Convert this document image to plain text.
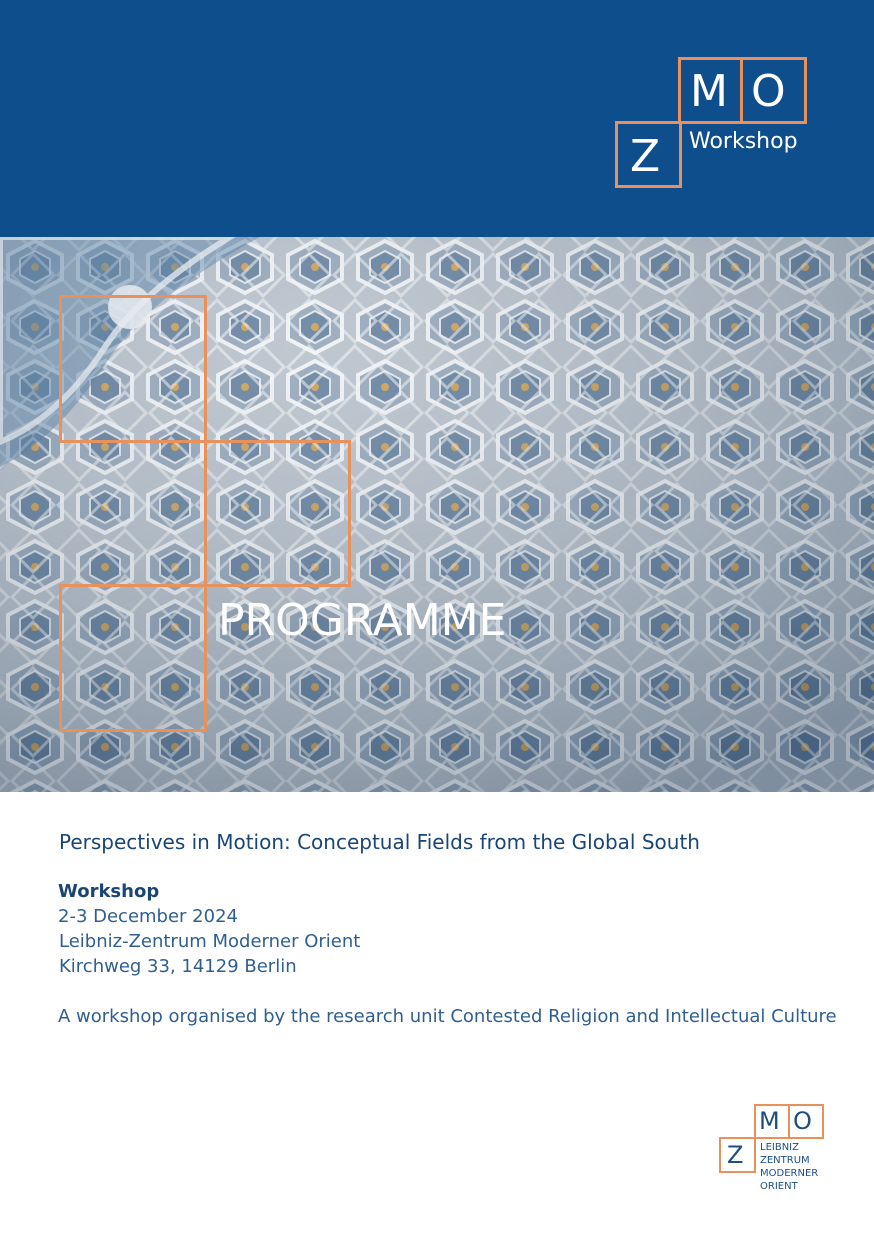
M O
Z Workshop
PROGRAMME
Perspectives in Motion: Conceptual Fields from the Global South
Workshop
2-3 December 2024
Leibniz-Zentrum Moderner Orient
Kirchweg 33, 14129 Berlin
A workshop organised by the research unit Contested Religion and Intellectual Culture
M O
Z LEIBNIZ
ZENTRUM
MODERNER
ORIENT
